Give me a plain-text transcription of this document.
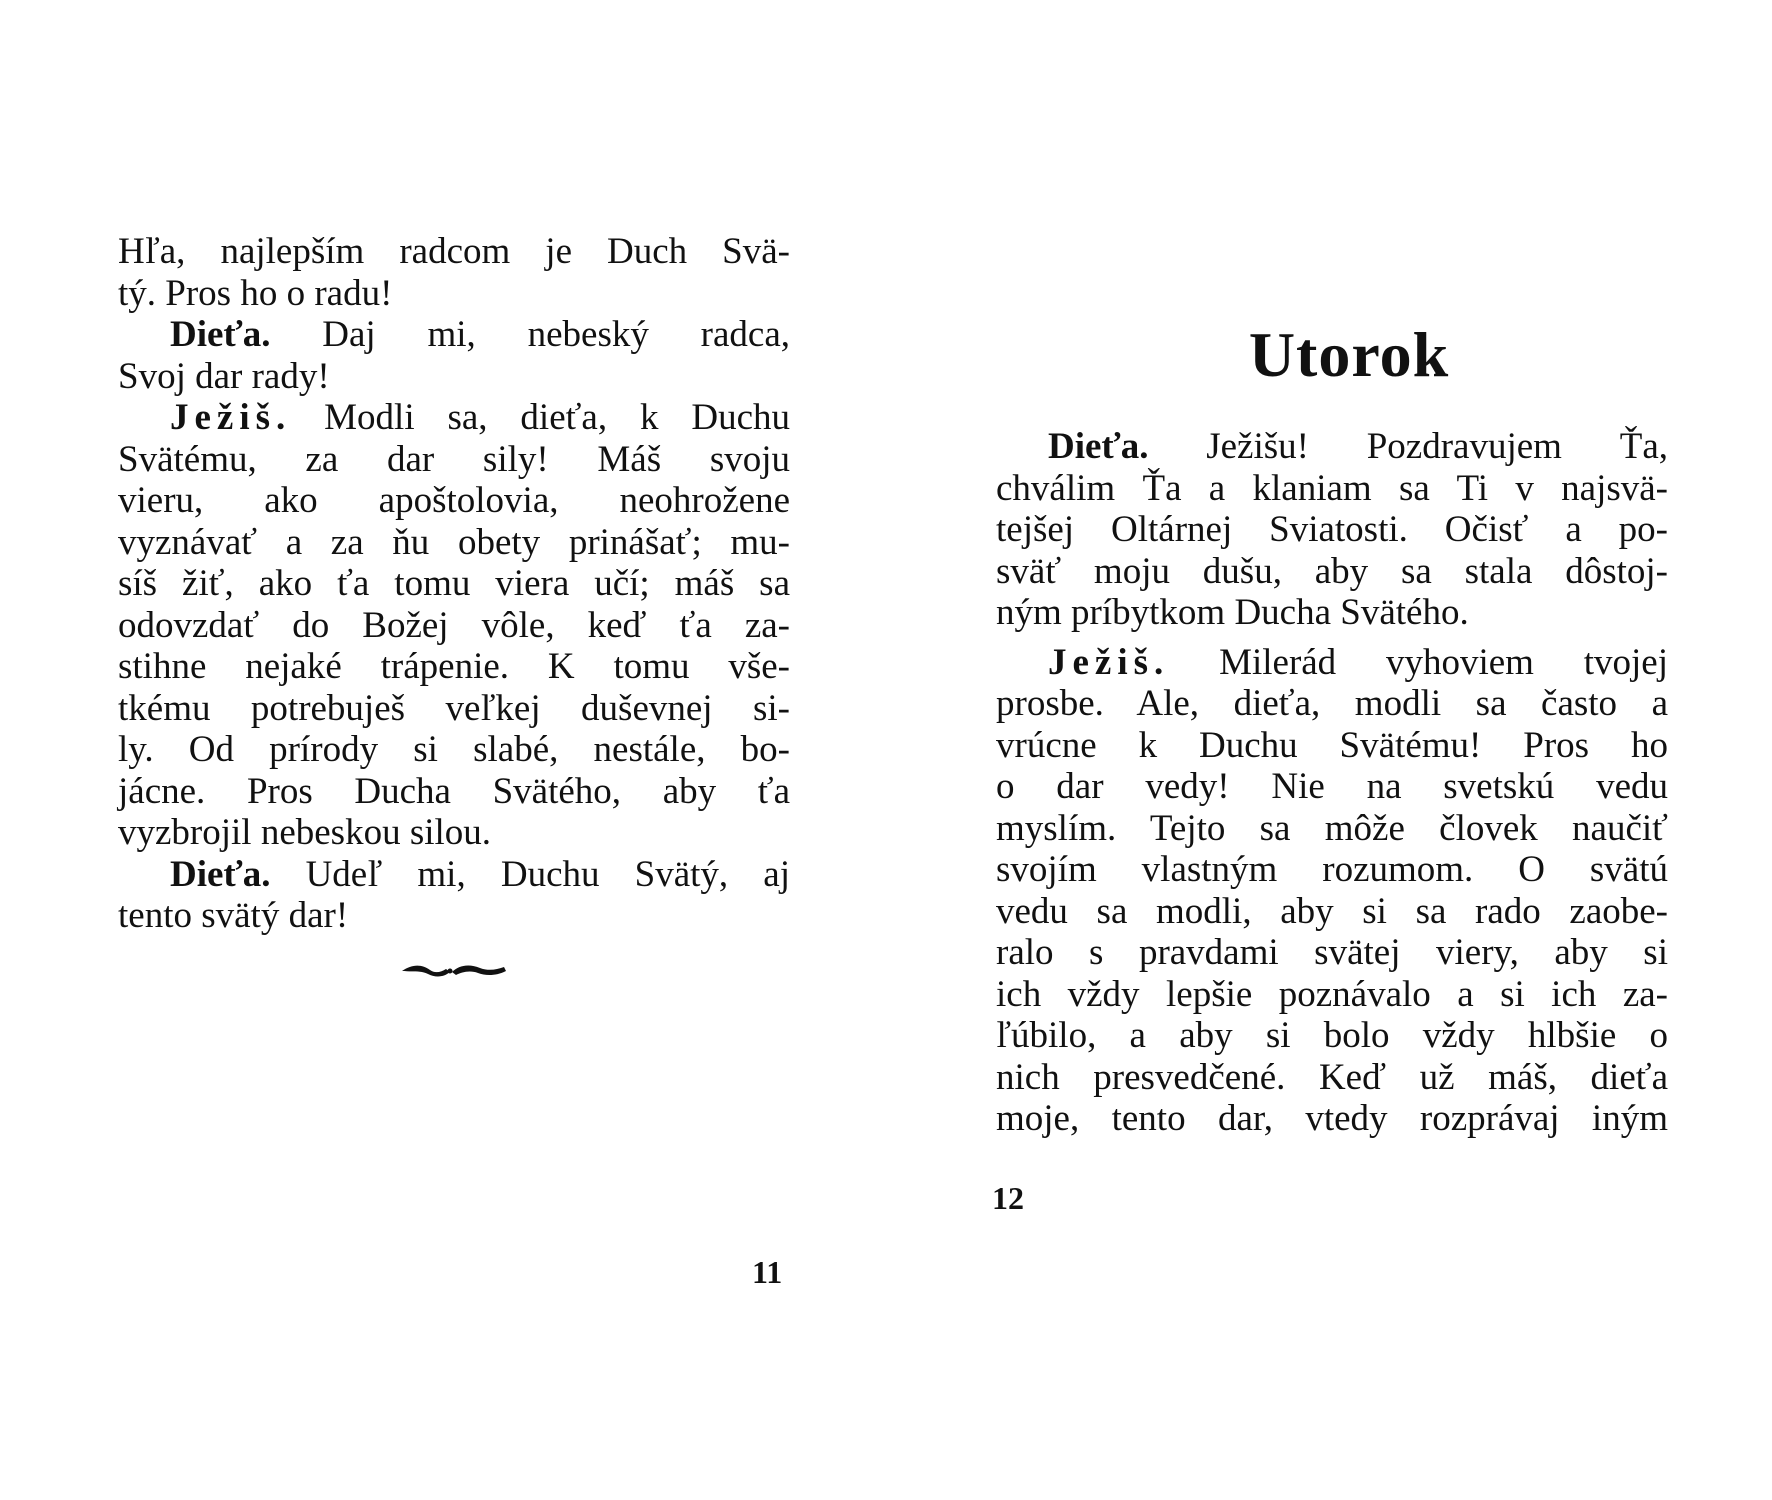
Hľa, najlepším radcom je Duch Svä-
tý. Pros ho o radu!
Dieťa. Daj mi, nebeský radca,
Svoj dar rady!
Ježiš. Modli sa, dieťa, k Duchu
Svätému, za dar sily! Máš svoju
vieru, ako apoštolovia, neohrožene
vyznávať a za ňu obety prinášať; mu-
síš žiť, ako ťa tomu viera učí; máš sa
odovzdať do Božej vôle, keď ťa za-
stihne nejaké trápenie. K tomu vše-
tkému potrebuješ veľkej duševnej si-
ly. Od prírody si slabé, nestále, bo-
jácne. Pros Ducha Svätého, aby ťa
vyzbrojil nebeskou silou.
Dieťa. Udeľ mi, Duchu Svätý, aj
tento svätý dar!
11
Utorok
Dieťa. Ježišu! Pozdravujem Ťa,
chválim Ťa a klaniam sa Ti v najsvä-
tejšej Oltárnej Sviatosti. Očisť a po-
sväť moju dušu, aby sa stala dôstoj-
ným príbytkom Ducha Svätého.
Ježiš. Milerád vyhoviem tvojej
prosbe. Ale, dieťa, modli sa často a
vrúcne k Duchu Svätému! Pros ho
o dar vedy! Nie na svetskú vedu
myslím. Tejto sa môže človek naučiť
svojím vlastným rozumom. O svätú
vedu sa modli, aby si sa rado zaobe-
ralo s pravdami svätej viery, aby si
ich vždy lepšie poznávalo a si ich za-
ľúbilo, a aby si bolo vždy hlbšie o
nich presvedčené. Keď už máš, dieťa
moje, tento dar, vtedy rozprávaj iným
12
